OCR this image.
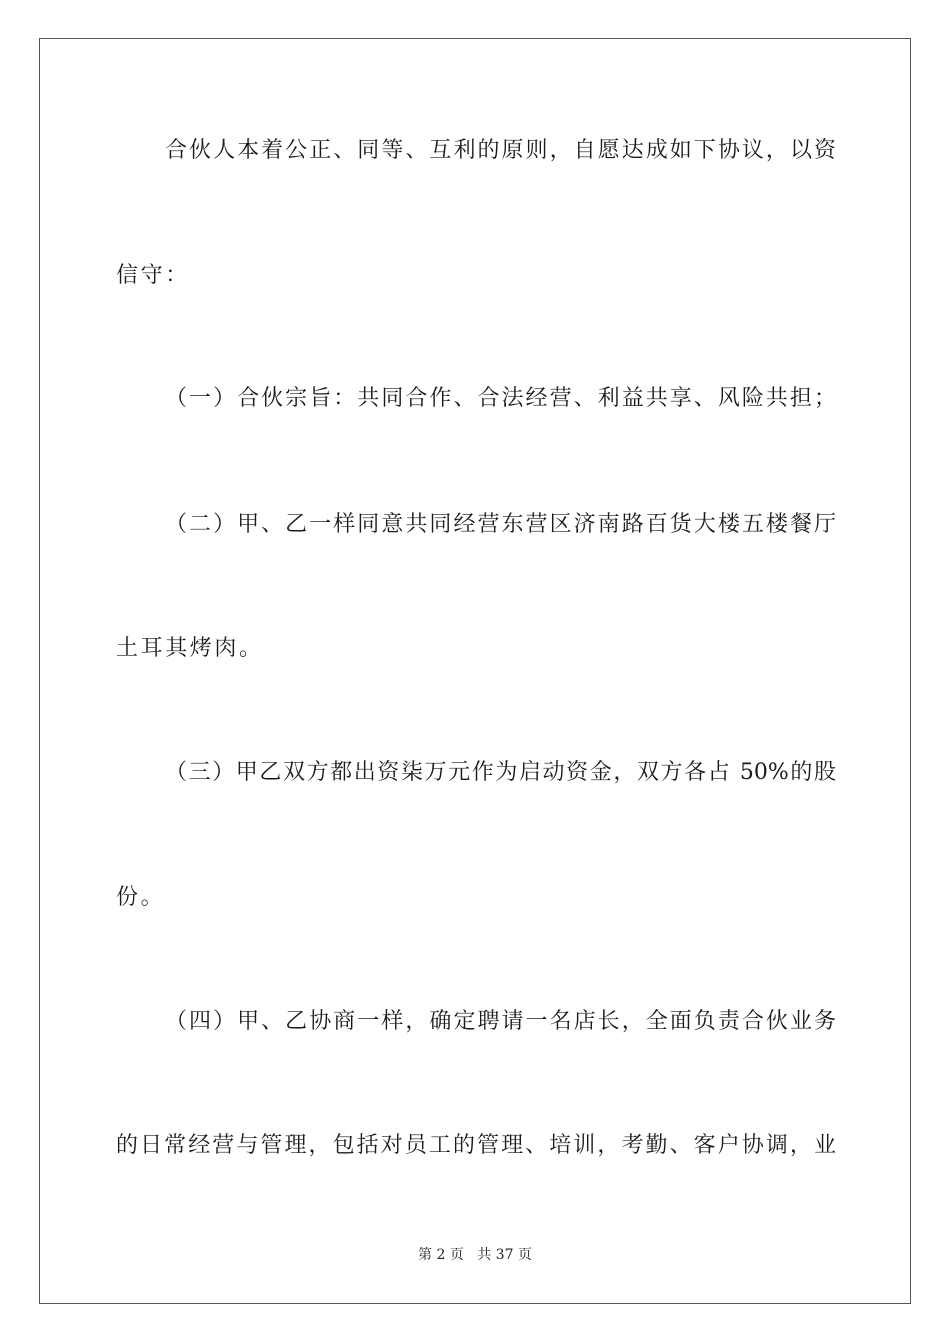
合伙人本着公正、同等、互利的原则，自愿达成如下协议，以资
信守：
（一）合伙宗旨：共同合作、合法经营、利益共享、风险共担；
（二）甲、乙一样同意共同经营东营区济南路百货大楼五楼餐厅
土耳其烤肉。
（三）甲乙双方都出资柒万元作为启动资金，双方各占 50%的股
份。
（四）甲、乙协商一样，确定聘请一名店长，全面负责合伙业务
的日常经营与管理，包括对员工的管理、培训，考勤、客户协调，业
第 2 页 共 37 页
